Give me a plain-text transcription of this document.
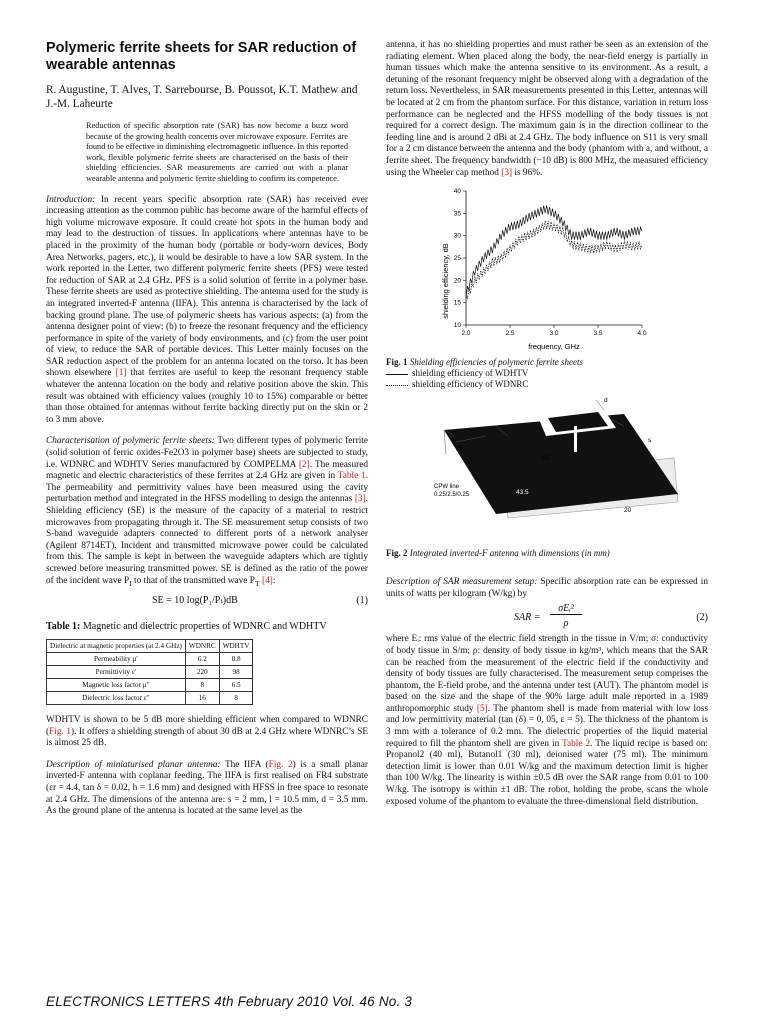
Polymeric ferrite sheets for SAR reduction of wearable antennas
R. Augustine, T. Alves, T. Sarrebourse, B. Poussot, K.T. Mathew and J.-M. Laheurte

Reduction of specific absorption rate (SAR) has now become a buzz word because of the growing health concerns over microwave exposure. Ferrites are found to be effective in diminishing electromagnetic influence. In this reported work, flexible polymeric ferrite sheets are characterised on the basis of their shielding efficiencies. SAR measurements are carried out with a planar wearable antenna and polymeric ferrite shielding to confirm its competence.

Introduction: In recent years specific absorption rate (SAR) has received ever increasing attention as the common public has become aware of the harmful effects of high volume microwave exposure. It could create hot spots in the human body and may lead to the destruction of tissues. In applications where antennas have to be placed in the proximity of the human body (portable or body-worn devices, Body Area Networks, pagers, etc.), it would be desirable to have a low SAR system. In the work reported in the Letter, two different polymeric ferrite sheets (PFS) were tested for reduction of SAR at 2.4 GHz. PFS is a solid solution of ferrite in a polymer base. These ferrite sheets are used as protective shielding. The antenna used for the study is an integrated inverted-F antenna (IIFA). This antenna is characterised by the lack of backing ground plane. The use of polymeric sheets has various aspects: (a) from the antenna designer point of view; (b) to freeze the resonant frequency and the efficiency performance in spite of the variety of body environments, and (c) from the user point of view, to reduce the SAR of portable devices. This Letter mainly focuses on the SAR reduction aspect of the problem for an antenna located on the torso. It has been shown elsewhere [1] that ferrites are useful to keep the resonant frequency stable whatever the antenna location on the body and relative position above the skin. This result was obtained with efficiency values (roughly 10 to 15%) comparable or better than those obtained for antennas without ferrite backing directly put on the skin or 2 to 3 mm above.

Characterisation of polymeric ferrite sheets: Two different types of polymeric ferrite (solid solution of ferric oxides-Fe2O3 in polymer base) sheets are subjected to study, i.e. WDNRC and WDHTV Series manufactured by COMPELMA [2]. The measured magnetic and electric characteristics of these ferrites at 2.4 GHz are given in Table 1. The permeability and permittivity values have been measured using the cavity perturbation method and integrated in the HFSS modelling to design the antennas [3]. Shielding efficiency (SE) is the measure of the capacity of a material to restrict microwaves from propagating through it. The SE measurement setup consists of two S-band waveguide adapters connected to different ports of a network analyser (Agilent 8714ET). Incident and transmitted microwave power could be calculated from this. The sample is kept in between the waveguide adapters which are tightly screwed before measuring transmitted power. SE is defined as the ratio of the power of the incident wave $P_I$ to that of the transmitted wave $P_T$ [4]:

SE = 10 log(P₁/Pₜ)dB	(1)
Table 1: Magnetic and dielectric properties of WDNRC and WDHTV
Dielectric at magnetic properties (at 2.4 GHz)	WDNRC	WDHTV
Permeability μ′	6.2	0.8
Permittivity ε′	220	98
Magnetic loss factor μ″	8	6.5
Dielectric loss factor ε″	16	8

WDHTV is shown to be 5 dB more shielding efficient when compared to WDNRC (Fig. 1). It offers a shielding strength of about 30 dB at 2.4 GHz where WDNRC’s SE is almost 25 dB.

Description of miniaturised planar antenna: The IIFA (Fig. 2) is a small planar inverted-F antenna with coplanar feeding. The IIFA is first realised on FR4 substrate (εr = 4.4, tan δ = 0.02, h = 1.6 mm) and designed with HFSS in free space to resonate at 2.4 GHz. The dimensions of the antenna are: s = 2 mm, l = 10.5 mm, d = 3.5 mm. As the ground plane of the antenna is located at the same level as the

antenna, it has no shielding properties and must rather be seen as an extension of the radiating element. When placed along the body, the near-field energy is partially in human tissues which make the antenna sensitive to its environment. As a result, a detuning of the resonant frequency might be observed along with a degradation of the return loss. Nevertheless, in SAR measurements presented in this Letter, antennas will be located at 2 cm from the phantom surface. For this distance, variation in return loss performance can be neglected and the HFSS modelling of the body tissues is not required for a correct design. The maximum gain is in the direction collinear to the feeding line and is around 2 dBi at 2.4 GHz. The body influence on S11 is very small for a 2 cm distance between the antenna and the body (phantom with a, and without, a ferrite sheet. The frequency bandwidth (−10 dB) is 800 MHz, the measured efficiency using the Wheeler cap method [3] is 96%.

shielding efficiency, dB
frequency, GHz
2.0	2.5	3.0	3.5	4.0
10
15
20
25
30
35
40
Fig. 1 Shielding efficiencies of polymeric ferrite sheets
shielding efficiency of WDHTV
shielding efficiency of WDNRC
d
l
s
25
55
43.5
20
CPW line
0.25/2.5/0.25
Fig. 2 Integrated inverted-F antenna with dimensions (in mm)

Description of SAR measurement setup: Specific absorption rate can be expressed in units of watts per kilogram (W/kg) by

SAR =
σEᵢ²
ρ
(2)

where Eᵢ: rms value of the electric field strength in the tissue in V/m; σ: conductivity of body tissue in S/m; ρ: density of body tissue in kg/m³, which means that the SAR can be reached from the measurement of the electric field if the conductivity and density of body tissues are fully characterised. The measurement setup comprises the phantom, the E-field probe, and the antenna under test (AUT). The phantom model is based on the size and the shape of the 90% large adult male reported in a 1989 anthropomorphic study [5]. The phantom shell is made from material with low loss and low permittivity material (tan (δ) = 0, 05, ε = 5). The thickness of the phantom is 3 mm with a tolerance of 0.2 mm. The dielectric properties of the liquid material required to fill the phantom shell are given in Table 2. The liquid recipe is based on: Propanol2 (40 ml), Butanol1 (30 ml), deionised water (75 ml). The minimum detection limit is lower than 0.01 W/kg and the maximum detection limit is higher than 100 W/kg. The linearity is within ±0.5 dB over the SAR range from 0.01 to 100 W/kg. The isotropy is within ±1 dB. The robot, holding the probe, scans the whole exposed volume of the phantom to evaluate the three-dimensional field distribution.

ELECTRONICS LETTERS 4th February 2010 Vol. 46 No. 3
